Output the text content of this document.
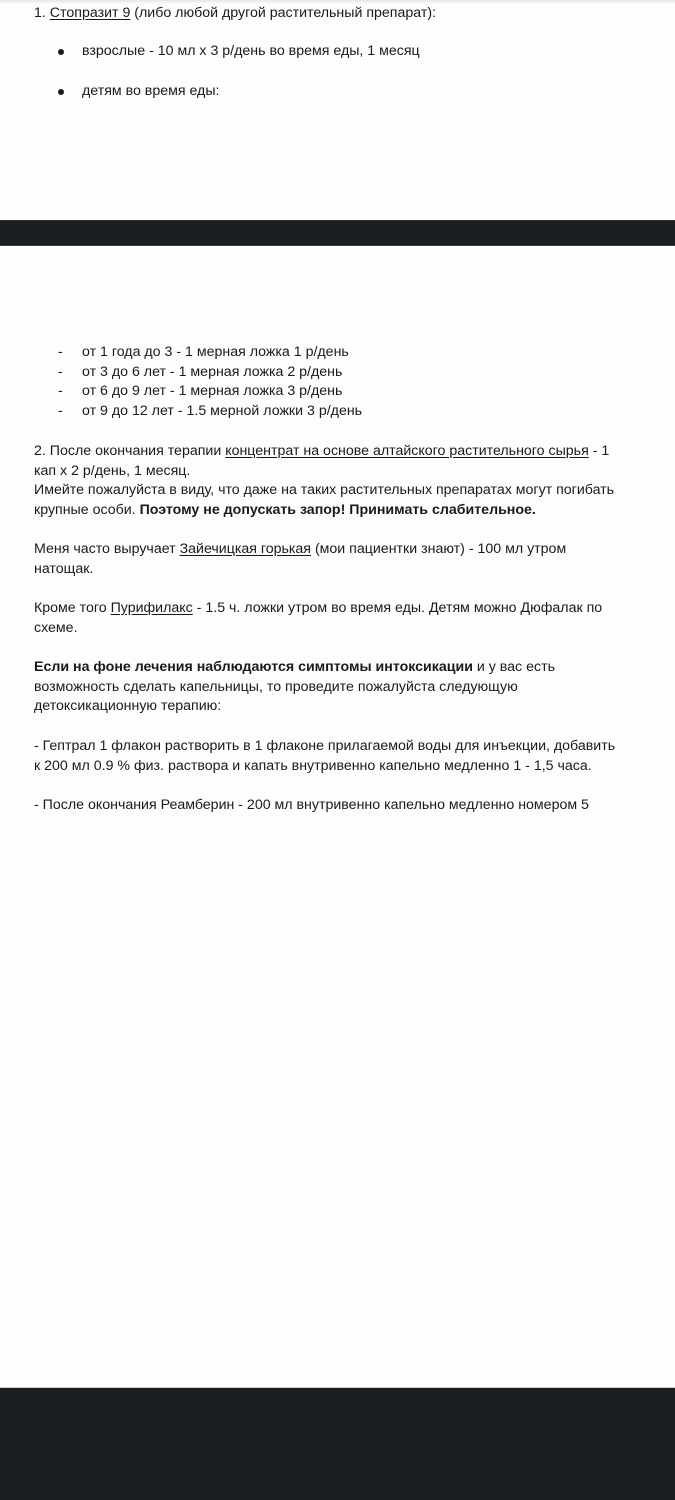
1. Стопразит 9 (либо любой другой растительный препарат):
взрослые - 10 мл х 3 р/день во время еды, 1 месяц
детям во время еды:
- от 1 года до 3 - 1 мерная ложка 1 р/день
- от 3 до 6 лет - 1 мерная ложка 2 р/день
- от 6 до 9 лет - 1 мерная ложка 3 р/день
- от 9 до 12 лет - 1.5 мерной ложки 3 р/день
2. После окончания терапии концентрат на основе алтайского растительного сырья - 1
кап х 2 р/день, 1 месяц.
Имейте пожалуйста в виду, что даже на таких растительных препаратах могут погибать
крупные особи. Поэтому не допускать запор! Принимать слабительное.
Меня часто выручает Зайечицкая горькая (мои пациентки знают) - 100 мл утром
натощак.
Кроме того Пурифилакс - 1.5 ч. ложки утром во время еды. Детям можно Дюфалак по
схеме.
Если на фоне лечения наблюдаются симптомы интоксикации и у вас есть
возможность сделать капельницы, то проведите пожалуйста следующую
детоксикационную терапию:
- Гептрал 1 флакон растворить в 1 флаконе прилагаемой воды для инъекции, добавить
к 200 мл 0.9 % физ. раствора и капать внутривенно капельно медленно 1 - 1,5 часа.
- После окончания Реамберин - 200 мл внутривенно капельно медленно номером 5
